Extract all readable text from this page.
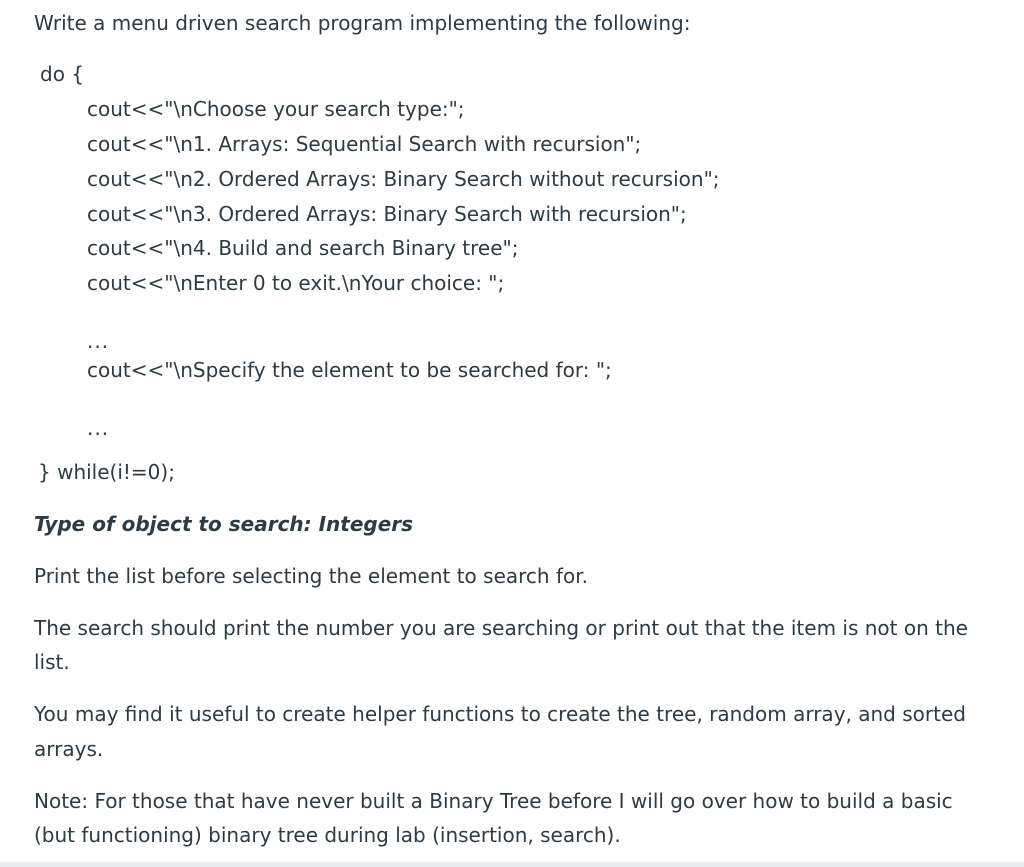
Write a menu driven search program implementing the following:

do {

cout<<"\nChoose your search type:";

cout<<"\n1. Arrays: Sequential Search with recursion";

cout<<"\n2. Ordered Arrays: Binary Search without recursion";

cout<<"\n3. Ordered Arrays: Binary Search with recursion";

cout<<"\n4. Build and search Binary tree";

cout<<"\nEnter 0 to exit.\nYour choice: ";

...

cout<<"\nSpecify the element to be searched for: ";

...

} while(i!=0);

Type of object to search: Integers

Print the list before selecting the element to search for.

The search should print the number you are searching or print out that the item is not on the

list.

You may find it useful to create helper functions to create the tree, random array, and sorted

arrays.

Note: For those that have never built a Binary Tree before I will go over how to build a basic

(but functioning) binary tree during lab (insertion, search).
